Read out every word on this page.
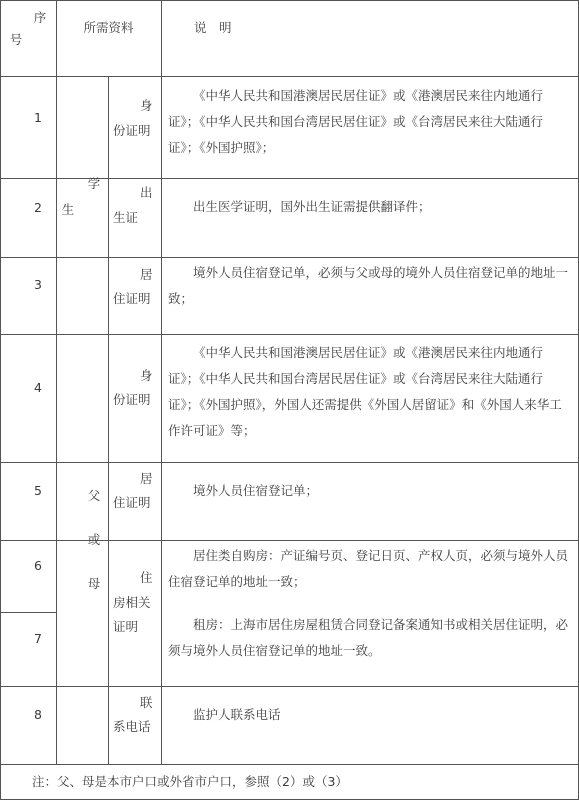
序
号
所需资料	说　明
学
生
父
或
母
1
身
份证明

《中华人民共和国港澳居民居住证》或《港澳居民来往内地通行证》；《中华人民共和国台湾居民居住证》或《台湾居民来往大陆通行证》；《外国护照》；

2
出
生证

出生医学证明，国外出生证需提供翻译件；

3
居
住证明

境外人员住宿登记单，必须与父或母的境外人员住宿登记单的地址一致；

4
身
份证明

《中华人民共和国港澳居民居住证》或《港澳居民来往内地通行证》；《中华人民共和国台湾居民居住证》或《台湾居民来往大陆通行证》；《外国护照》，外国人还需提供《外国人居留证》和《外国人来华工作许可证》等；

5
居
住证明

境外人员住宿登记单；

6
7
住
房相关
证明

居住类自购房：产证编号页、登记日页、产权人页，必须与境外人员住宿登记单的地址一致；

租房：上海市居住房屋租赁合同登记备案通知书或相关居住证明，必须与境外人员住宿登记单的地址一致。

8
联
系电话

监护人联系电话

注：父、母是本市户口或外省市户口，参照（2）或（3）
